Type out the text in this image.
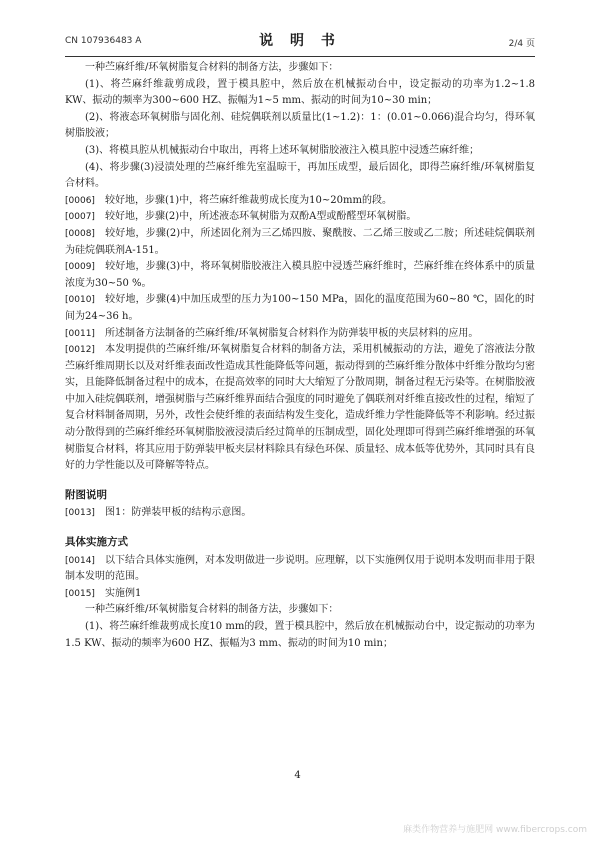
CN 107936483 A	说 明 书	2/4 页

一种苎麻纤维/环氧树脂复合材料的制备方法，步骤如下：

(1)、将苎麻纤维裁剪成段，置于模具腔中，然后放在机械振动台中，设定振动的功率为1.2~1.8 KW、振动的频率为300~600 HZ、振幅为1~5 mm、振动的时间为10~30 min；

(2)、将液态环氧树脂与固化剂、硅烷偶联剂以质量比(1~1.2)：1：(0.01~0.066)混合均匀，得环氧树脂胶液；

(3)、将模具腔从机械振动台中取出，再将上述环氧树脂胶液注入模具腔中浸透苎麻纤维；

(4)、将步骤(3)浸渍处理的苎麻纤维先室温晾干，再加压成型，最后固化，即得苎麻纤维/环氧树脂复合材料。

[0006] 较好地，步骤(1)中，将苎麻纤维裁剪成长度为10~20mm的段。

[0007] 较好地，步骤(2)中，所述液态环氧树脂为双酚A型或酚醛型环氧树脂。

[0008] 较好地，步骤(2)中，所述固化剂为三乙烯四胺、聚酰胺、二乙烯三胺或乙二胺；所述硅烷偶联剂为硅烷偶联剂A-151。

[0009] 较好地，步骤(3)中，将环氧树脂胶液注入模具腔中浸透苎麻纤维时，苎麻纤维在终体系中的质量浓度为30~50 %。

[0010] 较好地，步骤(4)中加压成型的压力为100~150 MPa，固化的温度范围为60~80 ℃，固化的时间为24~36 h。

[0011] 所述制备方法制备的苎麻纤维/环氧树脂复合材料作为防弹装甲板的夹层材料的应用。

[0012] 本发明提供的苎麻纤维/环氧树脂复合材料的制备方法，采用机械振动的方法，避免了溶液法分散苎麻纤维周期长以及对纤维表面改性造成其性能降低等问题，振动得到的苎麻纤维分散体中纤维分散均匀密实，且能降低制备过程中的成本，在提高效率的同时大大缩短了分散周期，制备过程无污染等。在树脂胶液中加入硅烷偶联剂，增强树脂与苎麻纤维界面结合强度的同时避免了偶联剂对纤维直接改性的过程，缩短了复合材料制备周期，另外，改性会使纤维的表面结构发生变化，造成纤维力学性能降低等不利影响。经过振动分散得到的苎麻纤维经环氧树脂胶液浸渍后经过简单的压制成型，固化处理即可得到苎麻纤维增强的环氧树脂复合材料，将其应用于防弹装甲板夹层材料除具有绿色环保、质量轻、成本低等优势外，其同时具有良好的力学性能以及可降解等特点。

附图说明

[0013] 图1：防弹装甲板的结构示意图。

具体实施方式

[0014] 以下结合具体实施例，对本发明做进一步说明。应理解，以下实施例仅用于说明本发明而非用于限制本发明的范围。

[0015] 实施例1

一种苎麻纤维/环氧树脂复合材料的制备方法，步骤如下：

(1)、将苎麻纤维裁剪成长度10 mm的段，置于模具腔中，然后放在机械振动台中，设定振动的功率为1.5 KW、振动的频率为600 HZ、振幅为3 mm、振动的时间为10 min；

4
麻类作物营养与施肥网 www.fibercrops.com
